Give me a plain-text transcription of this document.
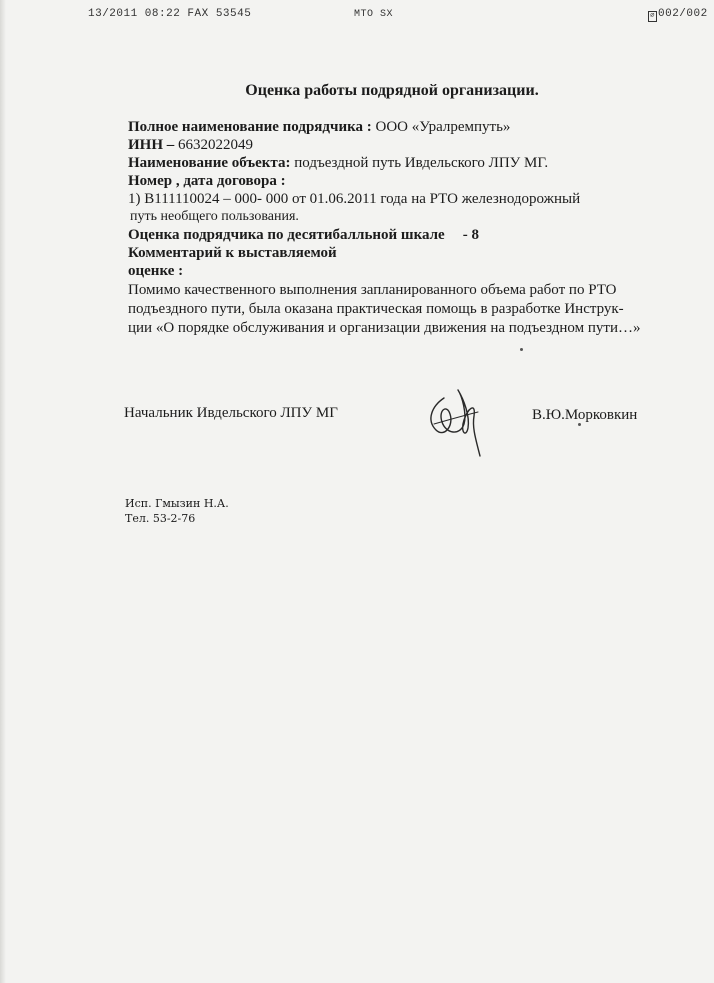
13/2011 08:22 FAX 53545	MTO SX	∅ 002/002
Оценка работы подрядной организации.
Полное наименование подрядчика : ООО «Уралремпуть»
ИНН – 6632022049
Наименование объекта: подъездной путь Ивдельского ЛПУ МГ.
Номер , дата договора :
1) В111110024 – 000- 000 от 01.06.2011 года на РТО железнодорожный
путь необщего пользования.
Оценка подрядчика по десятибалльной шкале - 8
Комментарий к выставляемой
оценке :
Помимо качественного выполнения запланированного объема работ по РТО
подъездного пути, была оказана практическая помощь в разработке Инструк-
ции «О порядке обслуживания и организации движения на подъездном пути…»
Начальник Ивдельского ЛПУ МГ	В.Ю.Морковкин
Исп. Гмызин Н.А.
Тел. 53-2-76
